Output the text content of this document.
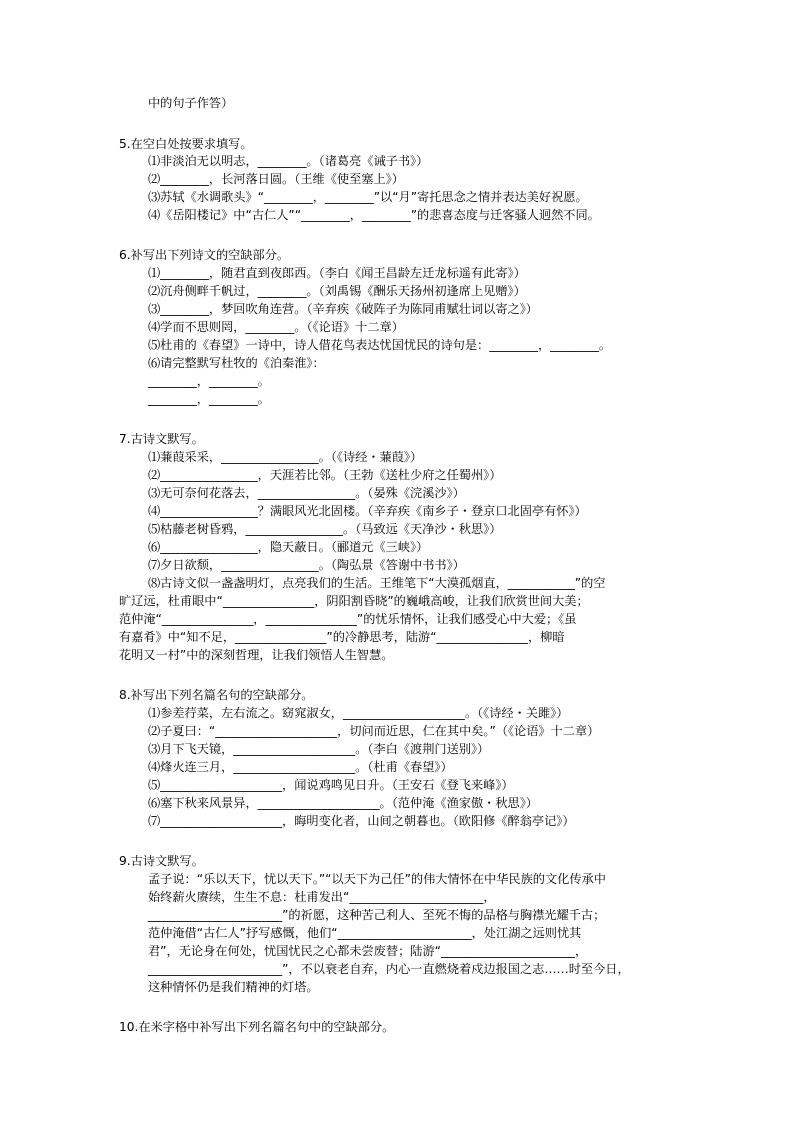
中的句子作答）
5.在空白处按要求填写。
⑴非淡泊无以明志，________。（诸葛亮《诫子书》）
⑵________，长河落日圆。（王维《使至塞上》）
⑶苏轼《水调歌头》“________，________”以“月”寄托思念之情并表达美好祝愿。
⑷《岳阳楼记》中“古仁人”“________，________”的悲喜态度与迁客骚人迥然不同。
6.补写出下列诗文的空缺部分。
⑴________，随君直到夜郎西。（李白《闻王昌龄左迁龙标遥有此寄》）
⑵沉舟侧畔千帆过，________。（刘禹锡《酬乐天扬州初逢席上见赠》）
⑶________，梦回吹角连营。（辛弃疾《破阵子为陈同甫赋壮词以寄之》）
⑷学而不思则罔，________。（《论语》十二章）
⑸杜甫的《春望》一诗中，诗人借花鸟表达忧国忧民的诗句是：________，________。
⑹请完整默写杜牧的《泊秦淮》：
________，________。
________，________。
7.古诗文默写。
⑴蒹葭采采，________________。（《诗经・蒹葭》）
⑵________________，天涯若比邻。（王勃《送杜少府之任蜀州》）
⑶无可奈何花落去，________________。（晏殊《浣溪沙》）
⑷________________？满眼风光北固楼。（辛弃疾《南乡子・登京口北固亭有怀》）
⑸枯藤老树昏鸦，________________。（马致远《天净沙・秋思》）
⑹________________，隐天蔽日。（郦道元《三峡》）
⑺夕日欲颓，________________。（陶弘景《答谢中书书》）
⑻古诗文似一盏盏明灯，点亮我们的生活。王维笔下“大漠孤烟直，___________”的空
旷辽远，杜甫眼中“_______________，阴阳割昏晓”的巍峨高峻，让我们欣赏世间大美；
范仲淹“_______________，_______________”的忧乐情怀，让我们感受心中大爱；《虽
有嘉肴》中“知不足，_______________”的冷静思考，陆游“_______________，柳暗
花明又一村”中的深刻哲理，让我们领悟人生智慧。
8.补写出下列名篇名句的空缺部分。
⑴参差荇菜，左右流之。窈窕淑女，____________________。（《诗经・关雎》）
⑵子夏曰：“____________________，切问而近思，仁在其中矣。”（《论语》十二章）
⑶月下飞天镜，____________________。（李白《渡荆门送别》）
⑷烽火连三月，____________________。（杜甫《春望》）
⑸____________________，闻说鸡鸣见日升。（王安石《登飞来峰》）
⑹塞下秋来风景异，____________________。（范仲淹《渔家傲・秋思》）
⑺____________________，晦明变化者，山间之朝暮也。（欧阳修《醉翁亭记》）
9.古诗文默写。
孟子说：“乐以天下，忧以天下。”“以天下为己任”的伟大情怀在中华民族的文化传承中
始终薪火赓续，生生不息：杜甫发出“______________________，
______________________”的祈愿，这种苦己利人、至死不悔的品格与胸襟光耀千古；
范仲淹借“古仁人”抒写感慨，他们“______________________，处江湖之远则忧其
君”，无论身在何处，忧国忧民之心都未尝废替；陆游“______________________，
______________________”，不以衰老自弃，内心一直燃烧着戍边报国之志……时至今日，
这种情怀仍是我们精神的灯塔。
10.在米字格中补写出下列名篇名句中的空缺部分。
